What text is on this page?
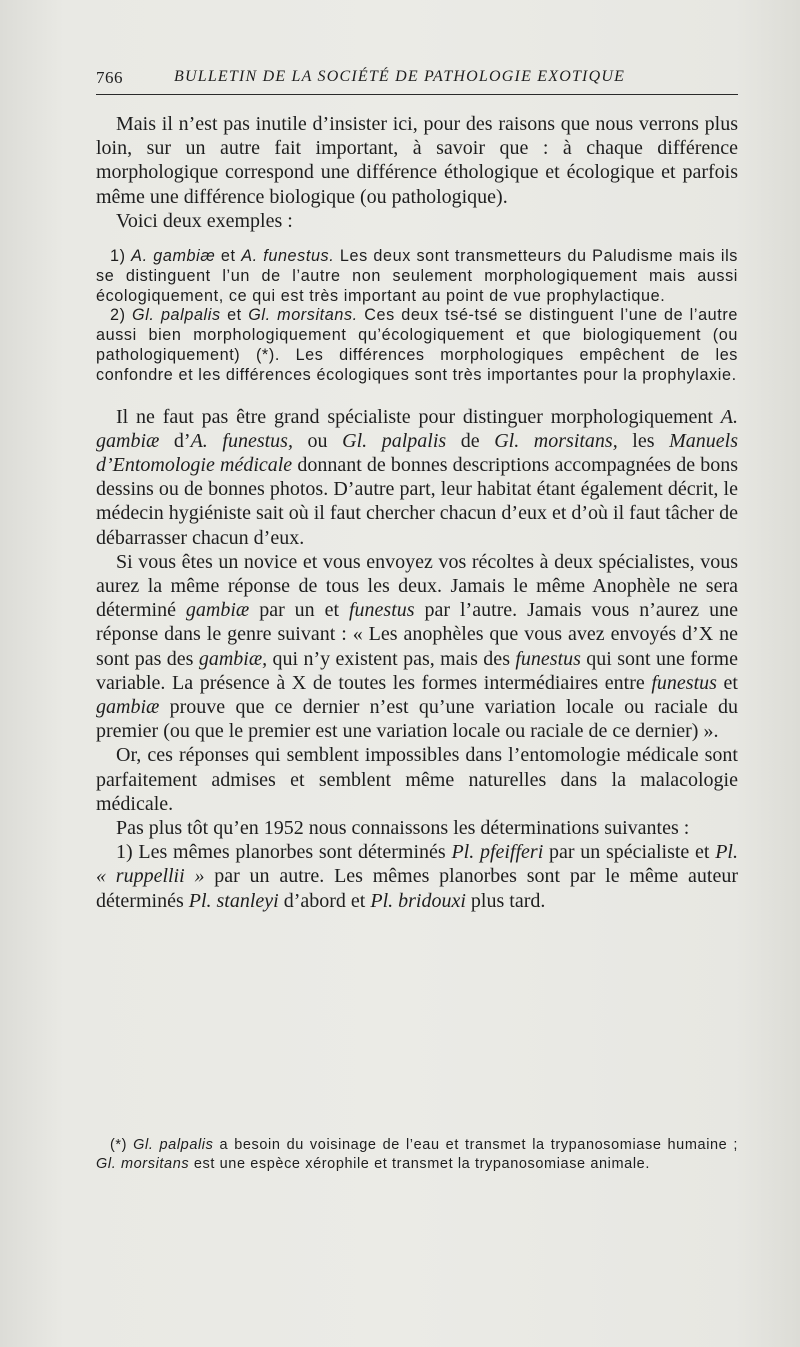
766	BULLETIN DE LA SOCIÉTÉ DE PATHOLOGIE EXOTIQUE

Mais il n’est pas inutile d’insister ici, pour des raisons que nous verrons plus loin, sur un autre fait important, à savoir que : à chaque différence morphologique correspond une différence éthologique et écologique et parfois même une différence biologique (ou pathologique).

Voici deux exemples :

1) A. gambiæ et A. funestus. Les deux sont transmetteurs du Paludisme mais ils se distinguent l’un de l’autre non seulement morphologiquement mais aussi écologiquement, ce qui est très important au point de vue prophylactique.

2) Gl. palpalis et Gl. morsitans. Ces deux tsé-tsé se distinguent l’une de l’autre aussi bien morphologiquement qu’écologiquement et que biologiquement (ou pathologiquement) (*). Les différences morphologiques empêchent de les confondre et les différences écologiques sont très importantes pour la prophylaxie.

Il ne faut pas être grand spécialiste pour distinguer morphologiquement A. gambiæ d’A. funestus, ou Gl. palpalis de Gl. morsitans, les Manuels d’Entomologie médicale donnant de bonnes descriptions accompagnées de bons dessins ou de bonnes photos. D’autre part, leur habitat étant également décrit, le médecin hygiéniste sait où il faut chercher chacun d’eux et d’où il faut tâcher de débarrasser chacun d’eux.

Si vous êtes un novice et vous envoyez vos récoltes à deux spécialistes, vous aurez la même réponse de tous les deux. Jamais le même Anophèle ne sera déterminé gambiæ par un et funestus par l’autre. Jamais vous n’aurez une réponse dans le genre suivant : « Les anophèles que vous avez envoyés d’X ne sont pas des gambiæ, qui n’y existent pas, mais des funestus qui sont une forme variable. La présence à X de toutes les formes intermédiaires entre funestus et gambiæ prouve que ce dernier n’est qu’une variation locale ou raciale du premier (ou que le premier est une variation locale ou raciale de ce dernier) ».

Or, ces réponses qui semblent impossibles dans l’entomologie médicale sont parfaitement admises et semblent même naturelles dans la malacologie médicale.

Pas plus tôt qu’en 1952 nous connaissons les déterminations suivantes :

1) Les mêmes planorbes sont déterminés Pl. pfeifferi par un spécialiste et Pl. « ruppellii » par un autre. Les mêmes planorbes sont par le même auteur déterminés Pl. stanleyi d’abord et Pl. bridouxi plus tard.

(*) Gl. palpalis a besoin du voisinage de l’eau et transmet la trypanosomiase humaine ; Gl. morsitans est une espèce xérophile et transmet la trypanosomiase animale.
